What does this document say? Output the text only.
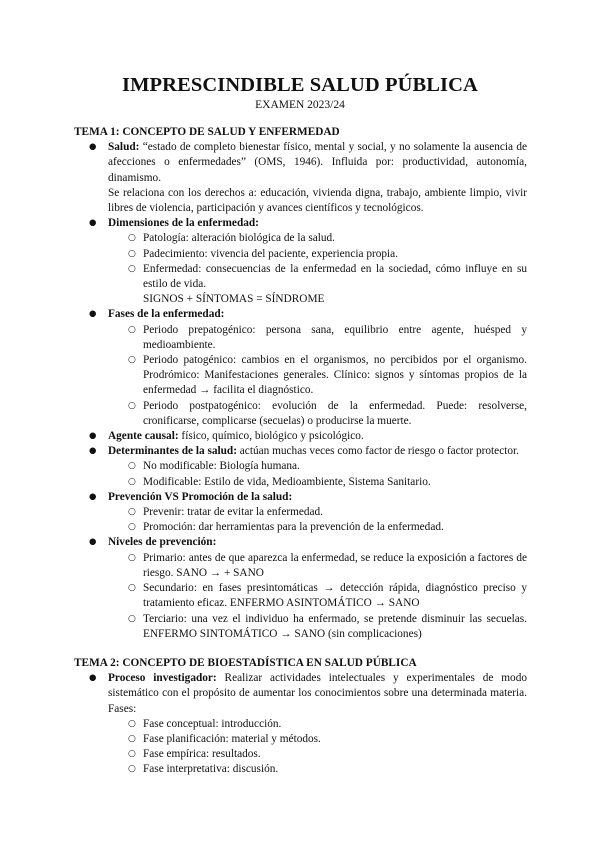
IMPRESCINDIBLE SALUD PÚBLICA
EXAMEN 2023/24

TEMA 1: CONCEPTO DE SALUD Y ENFERMEDAD

● Salud: “estado de completo bienestar físico, mental y social, y no solamente la ausencia de afecciones o enfermedades” (OMS, 1946). Influida por: productividad, autonomía, dinamismo.
Se relaciona con los derechos a: educación, vivienda digna, trabajo, ambiente limpio, vivir libres de violencia, participación y avances científicos y tecnológicos.
● Dimensiones de la enfermedad:
○ Patología: alteración biológica de la salud.
○ Padecimiento: vivencia del paciente, experiencia propia.
○ Enfermedad: consecuencias de la enfermedad en la sociedad, cómo influye en su estilo de vida.
SIGNOS + SÍNTOMAS = SÍNDROME
● Fases de la enfermedad:
○ Periodo prepatogénico: persona sana, equilibrio entre agente, huésped y medioambiente.
○ Periodo patogénico: cambios en el organismos, no percibidos por el organismo. Prodrómico: Manifestaciones generales. Clínico: signos y síntomas propios de la enfermedad → facilita el diagnóstico.
○ Periodo postpatogénico: evolución de la enfermedad. Puede: resolverse, cronificarse, complicarse (secuelas) o producirse la muerte.
● Agente causal: físico, químico, biológico y psicológico.
● Determinantes de la salud: actúan muchas veces como factor de riesgo o factor protector.
○ No modificable: Biología humana.
○ Modificable: Estilo de vida, Medioambiente, Sistema Sanitario.
● Prevención VS Promoción de la salud:
○ Prevenir: tratar de evitar la enfermedad.
○ Promoción: dar herramientas para la prevención de la enfermedad.
● Niveles de prevención:
○ Primario: antes de que aparezca la enfermedad, se reduce la exposición a factores de riesgo. SANO → + SANO
○ Secundario: en fases presintomáticas → detección rápida, diagnóstico preciso y tratamiento eficaz. ENFERMO ASINTOMÁTICO → SANO
○ Terciario: una vez el individuo ha enfermado, se pretende disminuir las secuelas. ENFERMO SINTOMÁTICO → SANO (sin complicaciones)

TEMA 2: CONCEPTO DE BIOESTADÍSTICA EN SALUD PÚBLICA

● Proceso investigador: Realizar actividades intelectuales y experimentales de modo sistemático con el propósito de aumentar los conocimientos sobre una determinada materia. Fases:
○ Fase conceptual: introducción.
○ Fase planificación: material y métodos.
○ Fase empírica: resultados.
○ Fase interpretativa: discusión.
